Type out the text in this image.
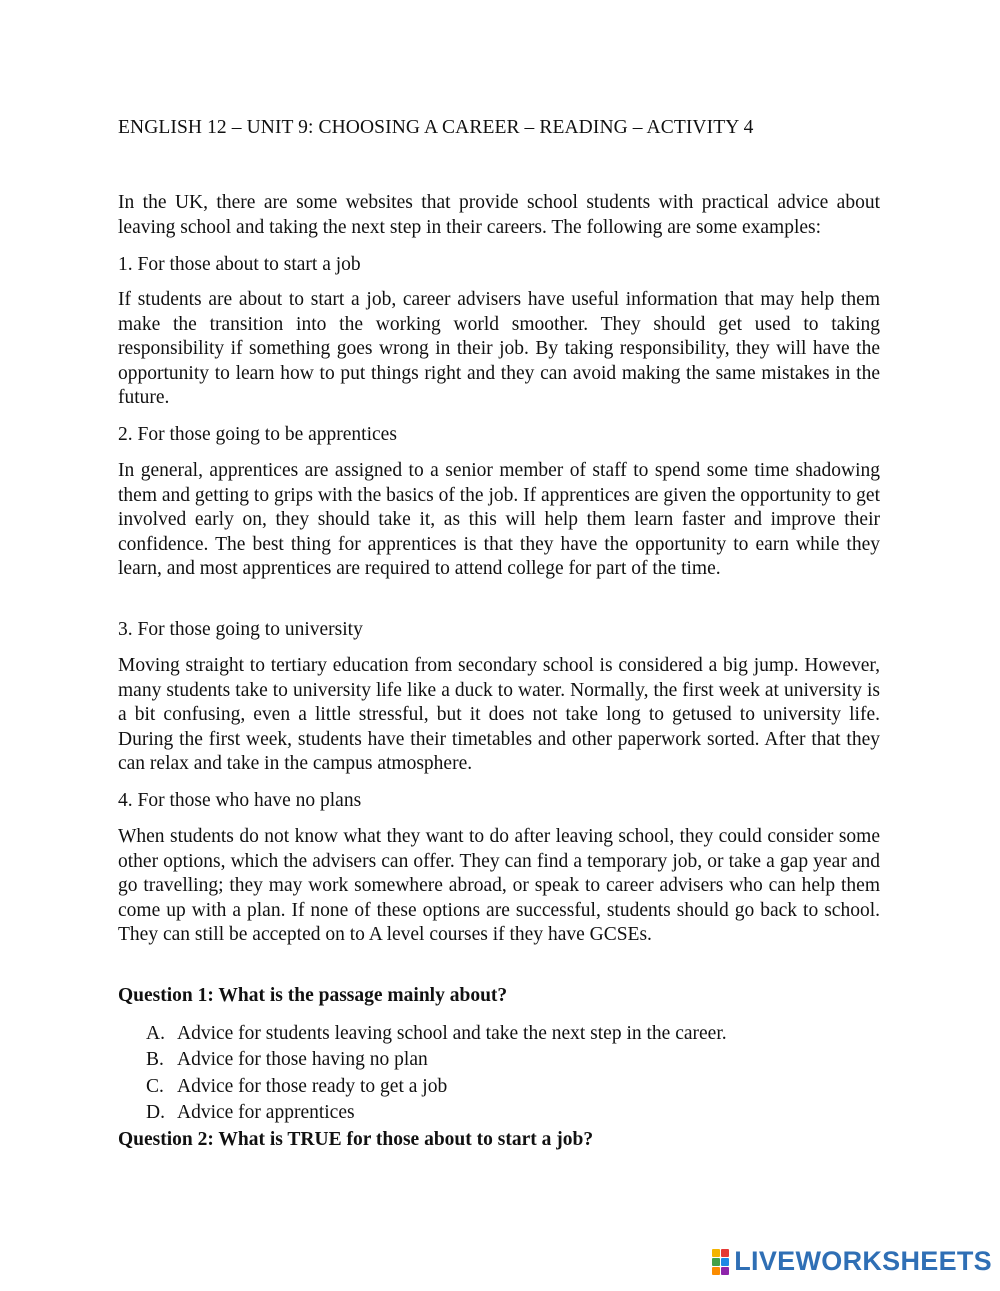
ENGLISH 12 – UNIT 9: CHOOSING A CAREER – READING – ACTIVITY 4

In the UK, there are some websites that provide school students with practical advice about leaving school and taking the next step in their careers. The following are some examples:

1. For those about to start a job

If students are about to start a job, career advisers have useful information that may help them make the transition into the working world smoother. They should get used to taking responsibility if something goes wrong in their job. By taking responsibility, they will have the opportunity to learn how to put things right and they can avoid making the same mistakes in the future.

2. For those going to be apprentices

In general, apprentices are assigned to a senior member of staff to spend some time shadowing them and getting to grips with the basics of the job. If apprentices are given the opportunity to get involved early on, they should take it, as this will help them learn faster and improve their confidence. The best thing for apprentices is that they have the opportunity to earn while they learn, and most apprentices are required to attend college for part of the time.

3. For those going to university

Moving straight to tertiary education from secondary school is considered a big jump. However, many students take to university life like a duck to water. Normally, the first week at university is a bit confusing, even a little stressful, but it does not take long to getused to university life. During the first week, students have their timetables and other paperwork sorted. After that they can relax and take in the campus atmosphere.

4. For those who have no plans

When students do not know what they want to do after leaving school, they could consider some other options, which the advisers can offer. They can find a temporary job, or take a gap year and go travelling; they may work somewhere abroad, or speak to career advisers who can help them come up with a plan. If none of these options are successful, students should go back to school. They can still be accepted on to A level courses if they have GCSEs.

Question 1: What is the passage mainly about?
A. Advice for students leaving school and take the next step in the career.
B. Advice for those having no plan
C. Advice for those ready to get a job
D. Advice for apprentices
Question 2: What is TRUE for those about to start a job?
LIVEWORKSHEETS
